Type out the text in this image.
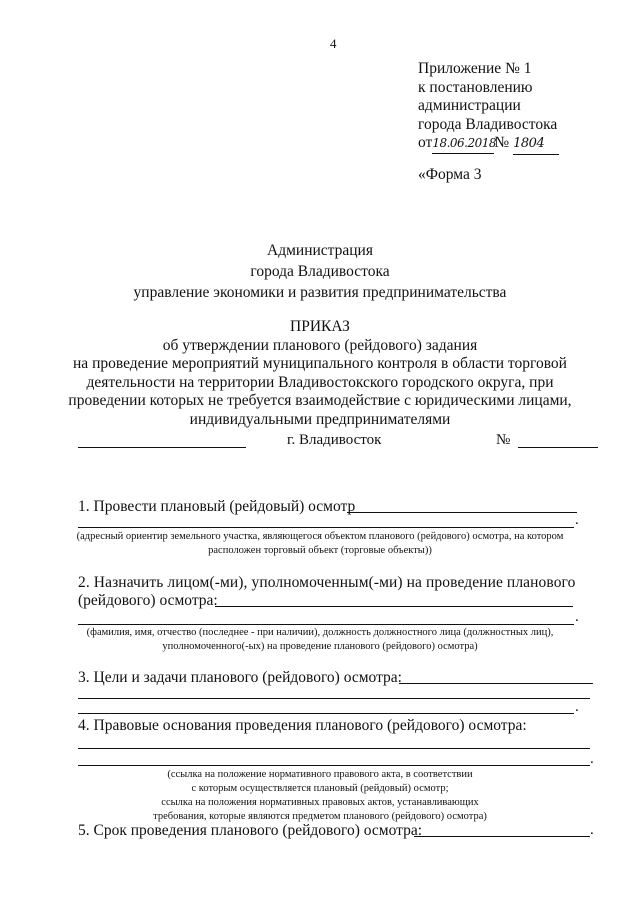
4
Приложение № 1
к постановлению
администрации
города Владивостока
от18.06.2018№ 1804
«Форма 3
Администрация
города Владивостока
управление экономики и развития предпринимательства
ПРИКАЗ
об утверждении планового (рейдового) задания
на проведение мероприятий муниципального контроля в области торговой
деятельности на территории Владивостокского городского округа, при
проведении которых не требуется взаимодействие с юридическими лицами,
индивидуальными предпринимателями
г. Владивосток	№
1. Провести плановый (рейдовый) осмотр
.
(адресный ориентир земельного участка, являющегося объектом планового (рейдового) осмотра, на котором
расположен торговый объект (торговые объекты))
2. Назначить лицом(-ми), уполномоченным(-ми) на проведение планового
(рейдового) осмотра:
.
(фамилия, имя, отчество (последнее - при наличии), должность должностного лица (должностных лиц),
уполномоченного(-ых) на проведение планового (рейдового) осмотра)
3. Цели и задачи планового (рейдового) осмотра:
.
4. Правовые основания проведения планового (рейдового) осмотра:
.
(ссылка на положение нормативного правового акта, в соответствии
с которым осуществляется плановый (рейдовый) осмотр;
ссылка на положения нормативных правовых актов, устанавливающих
требования, которые являются предметом планового (рейдового) осмотра)
5. Срок проведения планового (рейдового) осмотра:	.
